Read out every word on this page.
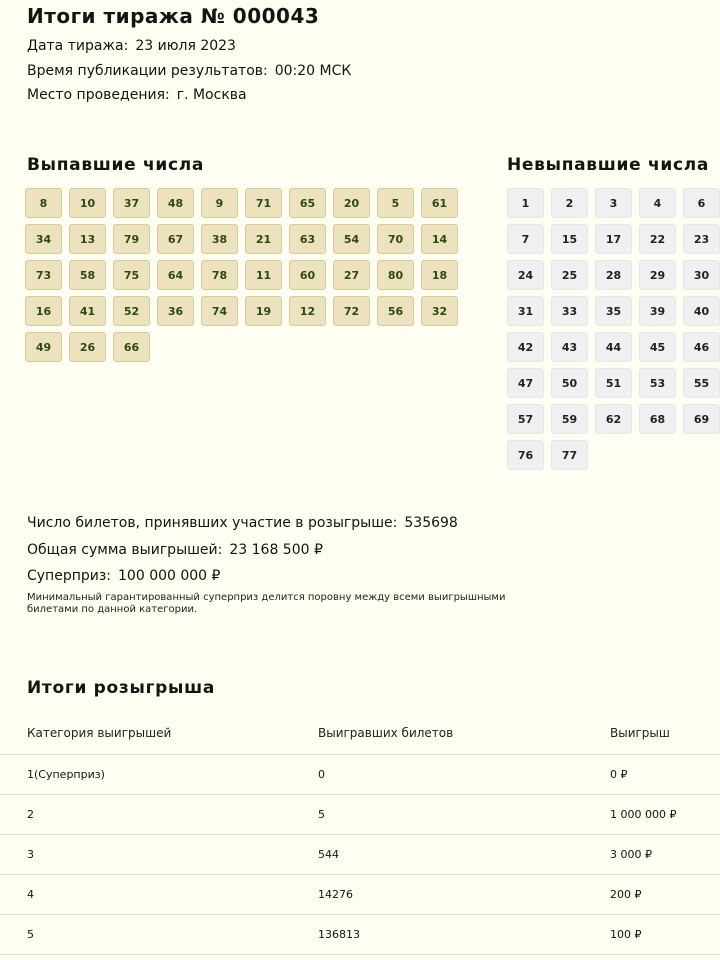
Итоги тиража № 000043
Дата тиража: 23 июля 2023
Время публикации результатов: 00:20 МСК
Место проведения: г. Москва
Выпавшие числа
8	10	37	48	9	71	65	20	5	61
34	13	79	67	38	21	63	54	70	14
73	58	75	64	78	11	60	27	80	18
16	41	52	36	74	19	12	72	56	32
49	26	66
Невыпавшие числа
1	2	3	4	6
7	15	17	22	23
24	25	28	29	30
31	33	35	39	40
42	43	44	45	46
47	50	51	53	55
57	59	62	68	69
76	77
Число билетов, принявших участие в розыгрыше: 535698
Общая сумма выигрышей: 23 168 500 ₽
Суперприз: 100 000 000 ₽
Минимальный гарантированный суперприз делится поровну между всеми выигрышными билетами по данной категории.
Итоги розыгрыша
Категория выигрышей	Выигравших билетов	Выигрыш
1(Суперприз)	0	0 ₽
2	5	1 000 000 ₽
3	544	3 000 ₽
4	14276	200 ₽
5	136813	100 ₽
